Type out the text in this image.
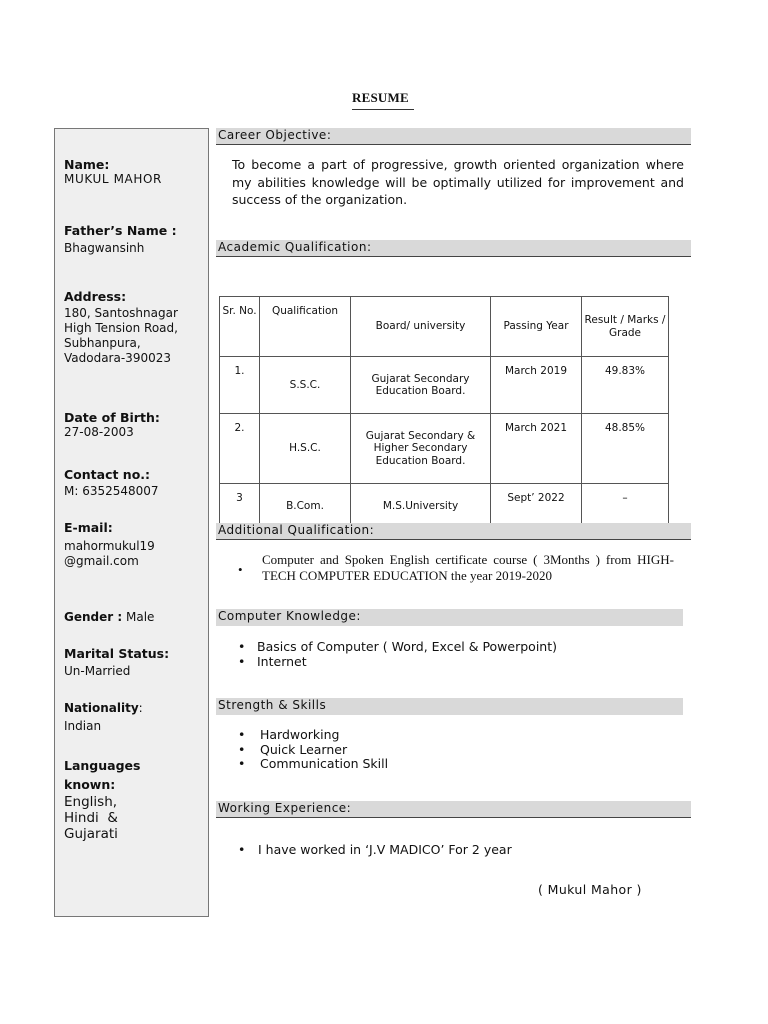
RESUME
Name:
MUKUL MAHOR
Father’s Name :
Bhagwansinh
Address:
180, Santoshnagar
High Tension Road,
Subhanpura,
Vadodara-390023
Date of Birth:
27-08-2003
Contact no.:
M: 6352548007
E-mail:
mahormukul19
@gmail.com
Gender : Male
Marital Status:
Un-Married
Nationality:
Indian
Languages
known:
English,
Hindi  &
Gujarati
Career Objective:
To become a part of progressive, growth oriented organization where my abilities knowledge will be optimally utilized for improvement and success of the organization.
Academic Qualification:
Sr. No.	Qualification	Board/ university	Passing Year	Result / Marks / Grade
1.	S.S.C.	Gujarat Secondary Education Board.	March 2019	49.83%
2.	H.S.C.	Gujarat Secondary & Higher Secondary Education Board.	March 2021	48.85%
3	B.Com.	M.S.University	Sept’ 2022	–
Additional Qualification:
• Computer and Spoken English certificate course ( 3Months ) from HIGH-TECH COMPUTER EDUCATION the year 2019-2020
Computer Knowledge:
• Basics of Computer ( Word, Excel & Powerpoint)
• Internet
Strength & Skills
• Hardworking
• Quick Learner
• Communication Skill
Working Experience:
• I have worked in ‘J.V MADICO’ For 2 year
( Mukul Mahor )
